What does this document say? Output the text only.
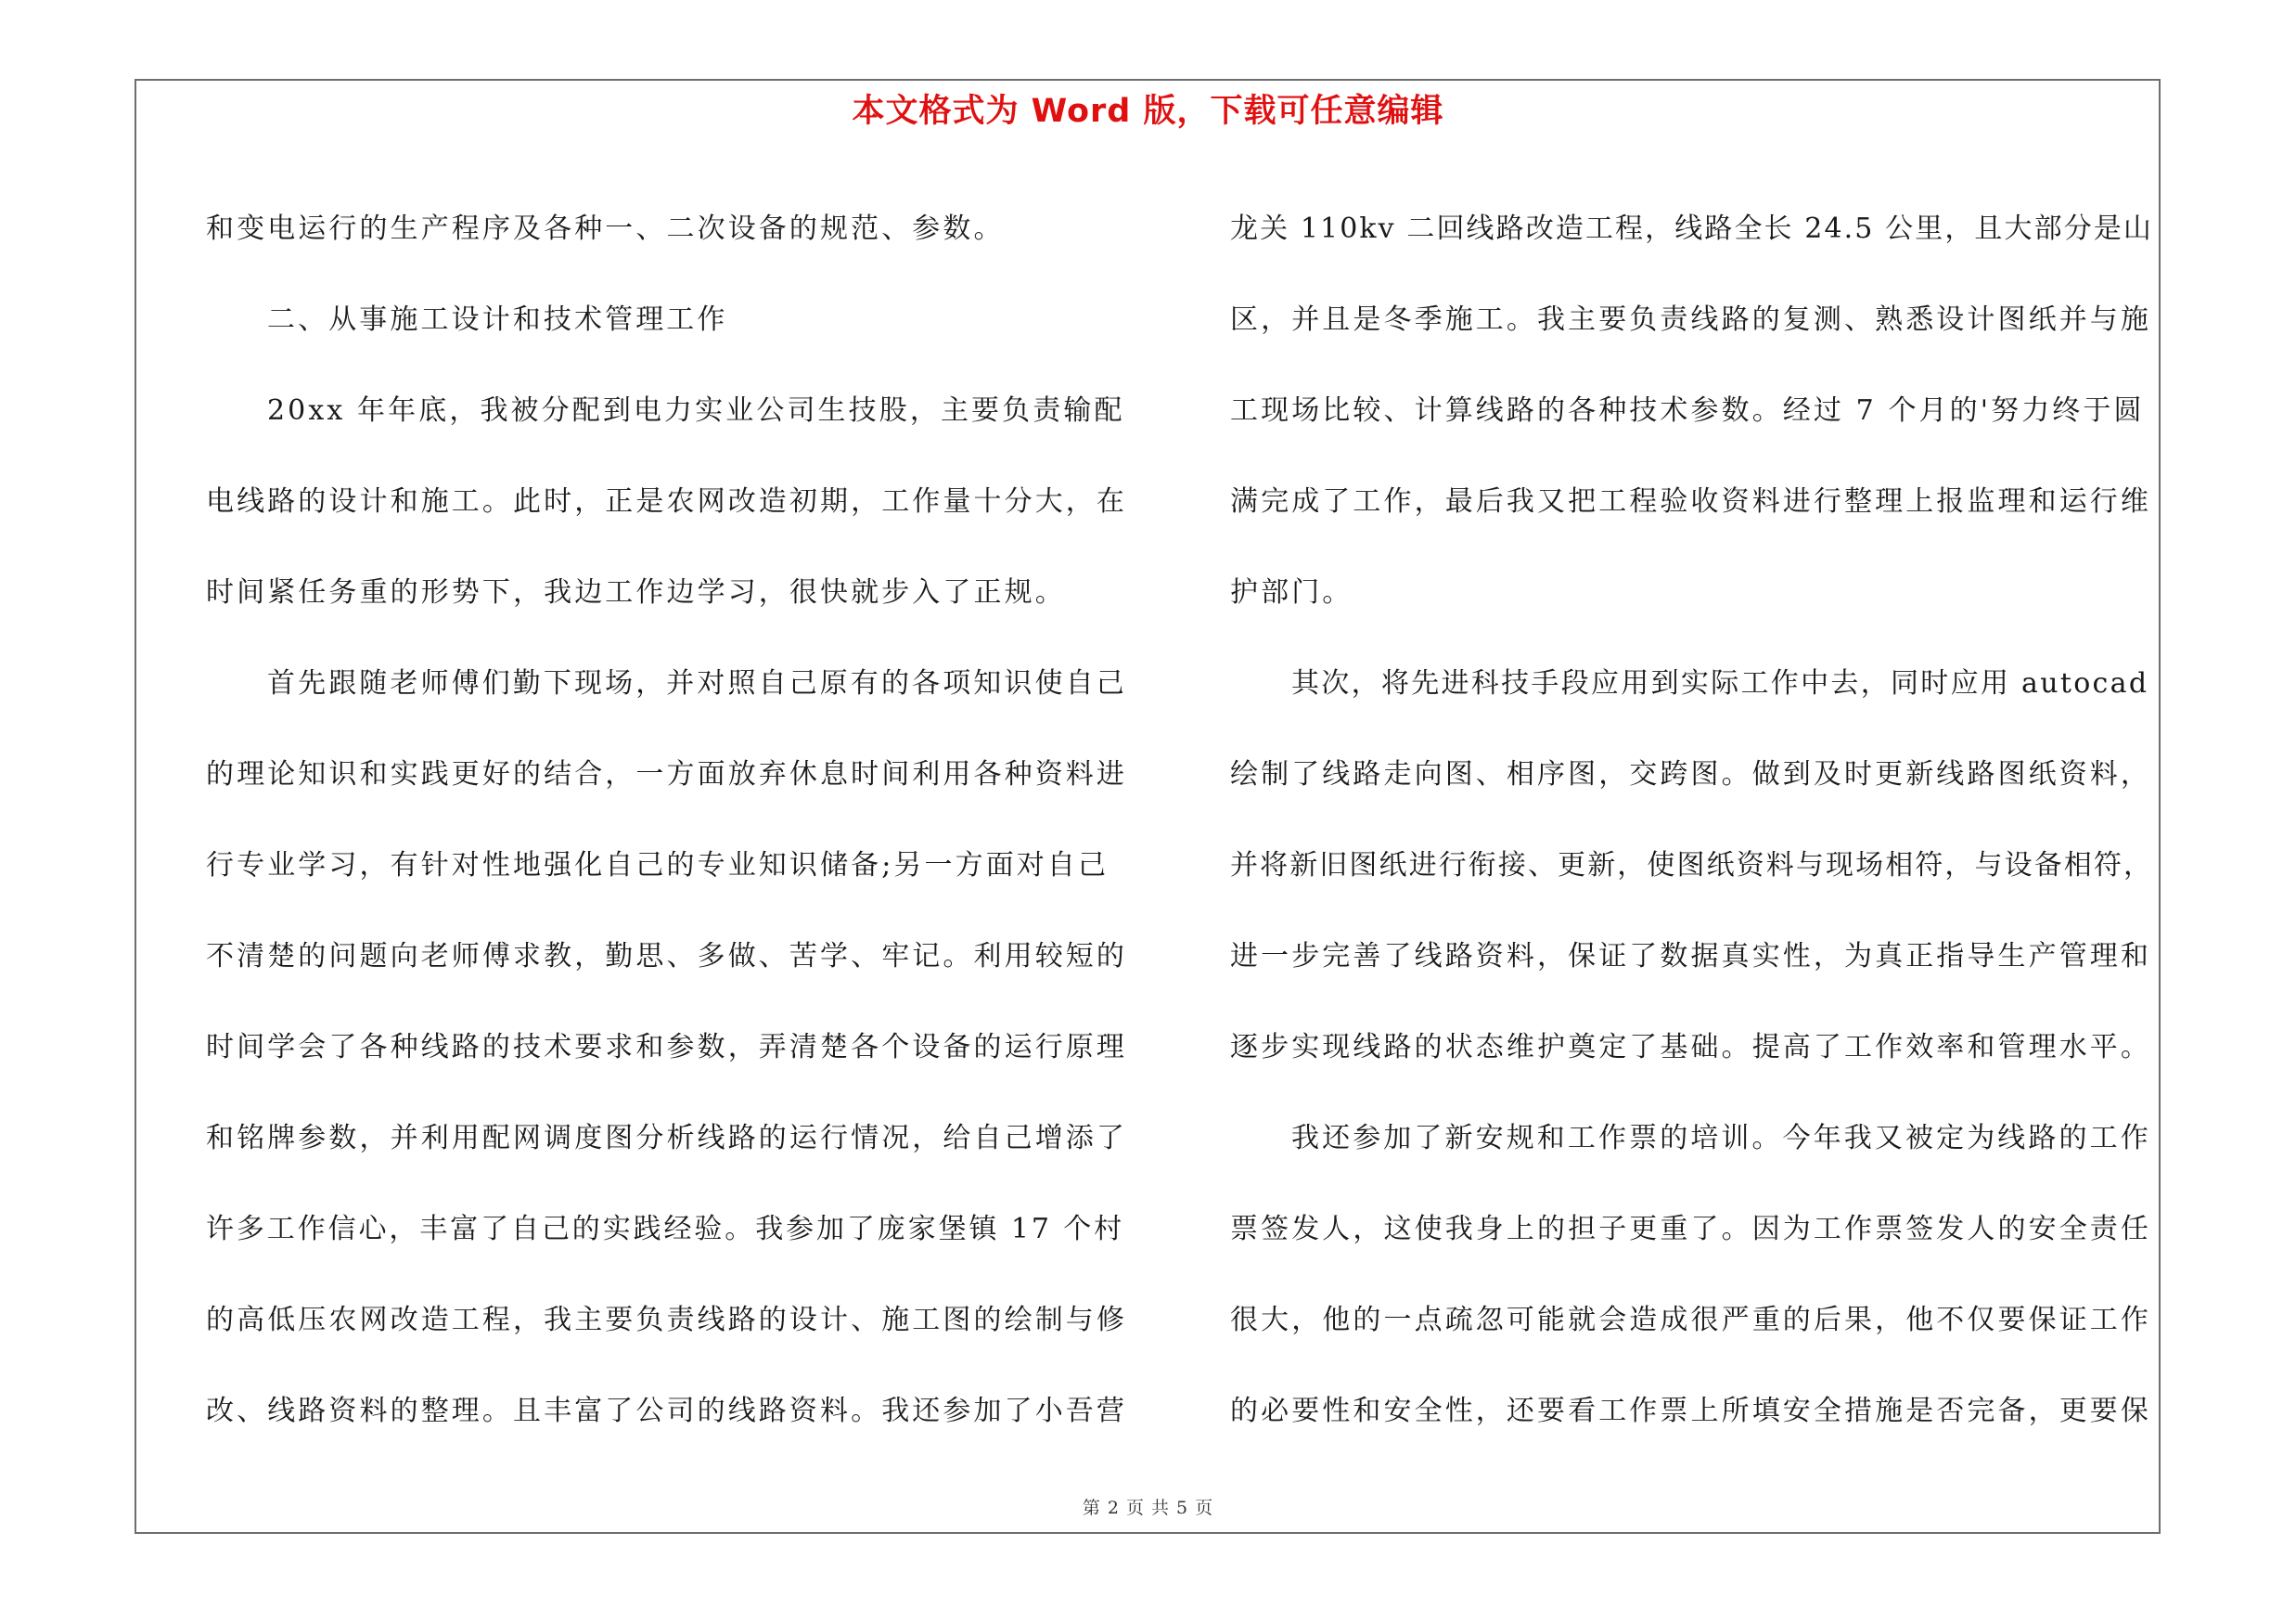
本文格式为 Word 版，下载可任意编辑
和变电运行的生产程序及各种一、二次设备的规范、参数。
二、从事施工设计和技术管理工作
20xx 年年底，我被分配到电力实业公司生技股，主要负责输配
电线路的设计和施工。此时，正是农网改造初期，工作量十分大，在
时间紧任务重的形势下，我边工作边学习，很快就步入了正规。
首先跟随老师傅们勤下现场，并对照自己原有的各项知识使自己
的理论知识和实践更好的结合，一方面放弃休息时间利用各种资料进
行专业学习，有针对性地强化自己的专业知识储备;另一方面对自己
不清楚的问题向老师傅求教，勤思、多做、苦学、牢记。利用较短的
时间学会了各种线路的技术要求和参数，弄清楚各个设备的运行原理
和铭牌参数，并利用配网调度图分析线路的运行情况，给自己增添了
许多工作信心，丰富了自己的实践经验。我参加了庞家堡镇 17 个村
的高低压农网改造工程，我主要负责线路的设计、施工图的绘制与修
改、线路资料的整理。且丰富了公司的线路资料。我还参加了小吾营
龙关 110kv 二回线路改造工程，线路全长 24.5 公里，且大部分是山
区，并且是冬季施工。我主要负责线路的复测、熟悉设计图纸并与施
工现场比较、计算线路的各种技术参数。经过 7 个月的'努力终于圆
满完成了工作，最后我又把工程验收资料进行整理上报监理和运行维
护部门。
其次，将先进科技手段应用到实际工作中去，同时应用 autocad
绘制了线路走向图、相序图，交跨图。做到及时更新线路图纸资料，
并将新旧图纸进行衔接、更新，使图纸资料与现场相符，与设备相符，
进一步完善了线路资料，保证了数据真实性，为真正指导生产管理和
逐步实现线路的状态维护奠定了基础。提高了工作效率和管理水平。
我还参加了新安规和工作票的培训。今年我又被定为线路的工作
票签发人，这使我身上的担子更重了。因为工作票签发人的安全责任
很大，他的一点疏忽可能就会造成很严重的后果，他不仅要保证工作
的必要性和安全性，还要看工作票上所填安全措施是否完备，更要保
第 2 页 共 5 页
